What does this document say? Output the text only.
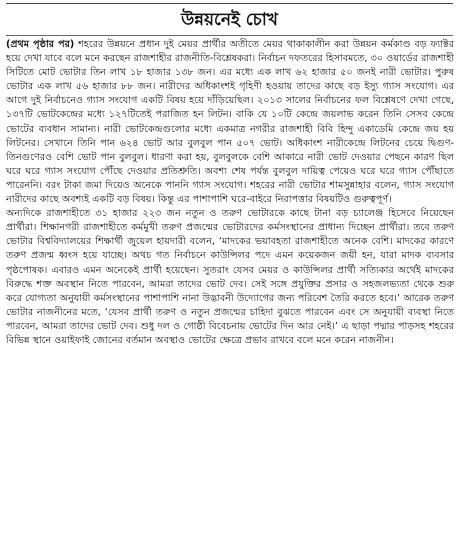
উন্নয়নেই চোখ

(প্রথম পৃষ্ঠার পর) শহরের উন্নয়নে প্রধান দুই মেয়র প্রার্থীর অতীতে মেয়র থাকাকালীন করা উন্নয়ন কর্মকাণ্ড বড় ফ্যাক্টর হয়ে দেখা যাবে বলে মনে করছেন রাজশাহীর রাজনীতি-বিশ্লেষকরা। নির্বাচন দফতরের হিসাবমতে, ৩০ ওয়ার্ডের রাজশাহী সিটিতে মোট ভোটার তিন লাখ ১৮ হাজার ১৩৮ জন। এর মধ্যে এক লাখ ৬২ হাজার ৫০ জনই নারী ভোটার। পুরুষ ভোটার এক লাখ ৫৬ হাজার ৮৮ জন। নারীদের অধিকাংশই গৃহিণী হওয়ায় তাদের কাছে বড় ইস্যু গ্যাস সংযোগ। এর আগে দুই নির্বাচনেও গ্যাস সংযোগ একটি বিষয় হয়ে দাঁড়িয়েছিল। ২০১৩ সালের নির্বাচনের ফল বিশ্লেষণে দেখা গেছে, ১৩৭টি ভোটকেন্দ্রের মধ্যে ১২৭টিতেই পরাজিত হন লিটন। বাকি যে ১০টি কেন্দ্রে জয়লাভ করেন তিনি সেসব কেন্দ্রে ভোটের ব্যবধান সামান্য। নারী ভোটকেন্দ্রগুলোর মধ্যে একমাত্র নগরীর রাজশাহী বিবি হিন্দু একাডেমি কেন্দ্রে জয় হয় লিটনের। সেখানে তিনি পান ৬২৪ ভোট আর বুলবুল পান ৫০৭ ভোট। অধিকাংশ নারীকেন্দ্রে লিটনের চেয়ে দ্বিগুণ-তিনগুণেরও বেশি ভোট পান বুলবুল। ধারণা করা হয়, বুলবুলকে বেশি আকারে নারী ভোট দেওয়ার পেছনে কারণ ছিল ঘরে ঘরে গ্যাস সংযোগ পৌঁছে দেওয়ার প্রতিশ্রুতি। অবশ্য শেষ পর্যন্ত বুলবুল দায়িত্ব পেয়েও ঘরে ঘরে গ্যাস পৌঁছাতে পারেননি। বরং টাকা জমা দিয়েও অনেকে পাননি গ্যাস সংযোগ। শহরের নারী ভোটার শামসুন্নাহার বলেন, গ্যাস সংযোগ নারীদের কাছে অবশ্যই একটি বড় বিষয়। কিন্তু এর পাশাপাশি ঘরে-বাইরে নিরাপত্তার বিষয়টিও গুরুত্বপূর্ণ।

অন্যদিকে রাজশাহীতে ৩১ হাজার ২২৩ জন নতুন ও তরুণ ভোটারকে কাছে টানা বড় চ্যালেঞ্জ হিসেবে নিয়েছেন প্রার্থীরা। শিক্ষানগরী রাজশাহীতে কর্মমুখী তরুণ প্রজন্মের ভোটারদের কর্মসংস্থানের প্রাধান্য দিচ্ছেন প্রার্থীরা। তবে তরুণ ভোটার বিশ্ববিদ্যালয়ের শিক্ষার্থী জুয়েল হায়দারী বলেন, ‘মাদকের ভয়াবহতা রাজশাহীতে অনেক বেশি। মাদকের কারণে তরুণ প্রজন্ম ধ্বংস হয়ে যাচ্ছে। অথচ গত নির্বাচনে কাউন্সিলর পদে এমন কয়েকজন জয়ী হন, যারা মাদক ব্যবসার পৃষ্ঠপোষক। এবারও এমন অনেকেই প্রার্থী হয়েছেন। সুতরাং যেসব মেয়র ও কাউন্সিলর প্রার্থী সত্যিকার অর্থেই মাদকের বিরুদ্ধে শক্ত অবস্থান নিতে পারবেন, আমরা তাদের ভোট দেব। সেই সঙ্গে প্রযুক্তির প্রসার ও সহজলভ্যতা থেকে শুরু করে যোগ্যতা অনুযায়ী কর্মসংস্থানের পাশাপাশি নানা উদ্ভাবনী উদ্যোগের জন্য পরিবেশ তৈরি করতে হবে।’ আরেক তরুণ ভোটার নাজনীনের মতে, ‘যেসব প্রার্থী তরুণ ও নতুন প্রজন্মের চাহিদা বুঝতে পারবেন এবং সে অনুযায়ী ব্যবস্থা নিতে পারবেন, আমরা তাদের ভোট দেব। শুধু দল ও গোষ্ঠী বিবেচনায় ভোটের দিন আর নেই।’ এ ছাড়া পদ্মার পাড়সহ শহরের বিভিন্ন স্থানে ওয়াইফাই জোনের বর্তমান অবস্থাও ভোটের ক্ষেত্রে প্রভাব রাখবে বলে মনে করেন নাজনীন।
